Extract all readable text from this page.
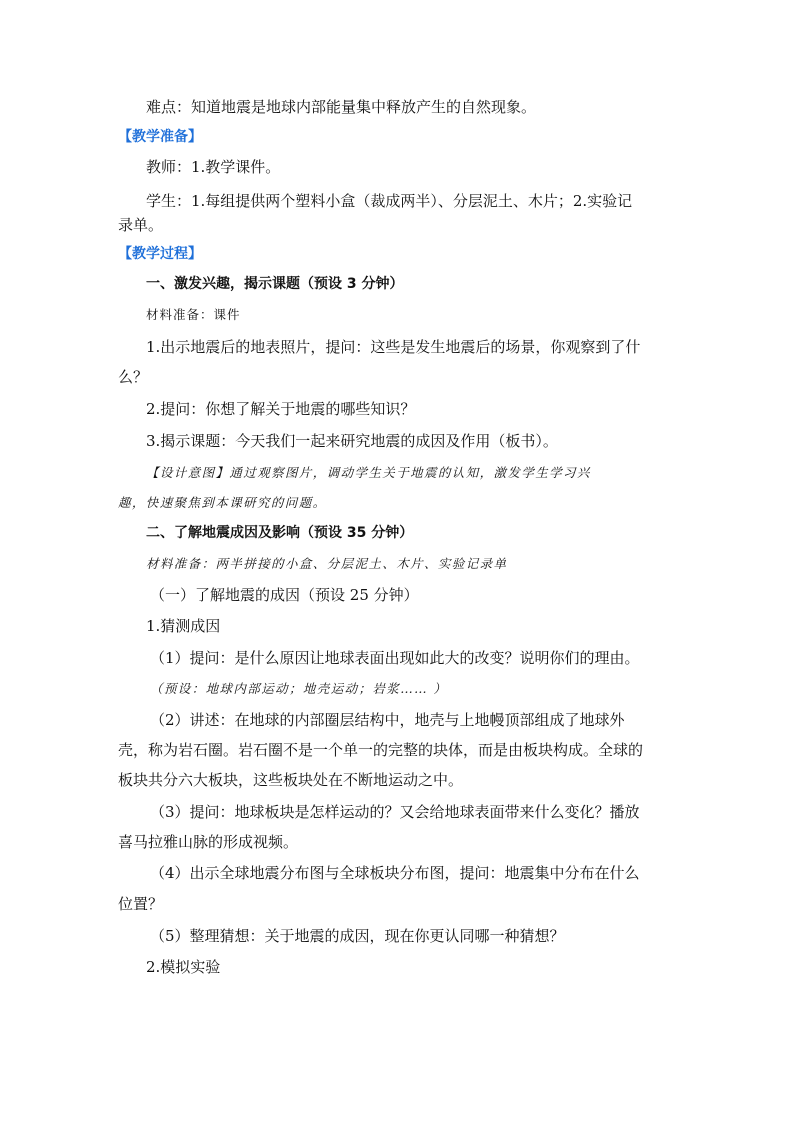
难点：知道地震是地球内部能量集中释放产生的自然现象。
【教学准备】
教师：1.教学课件。
学生：1.每组提供两个塑料小盒（裁成两半）、分层泥土、木片；2.实验记
录单。
【教学过程】
一、激发兴趣，揭示课题（预设 3 分钟）
材料准备：课件
1.出示地震后的地表照片，提问：这些是发生地震后的场景，你观察到了什
么？
2.提问：你想了解关于地震的哪些知识？
3.揭示课题：今天我们一起来研究地震的成因及作用（板书）。
【设计意图】通过观察图片，调动学生关于地震的认知，激发学生学习兴
趣，快速聚焦到本课研究的问题。
二、了解地震成因及影响（预设 35 分钟）
材料准备：两半拼接的小盒、分层泥土、木片、实验记录单
（一）了解地震的成因（预设 25 分钟）
1.猜测成因
（1）提问：是什么原因让地球表面出现如此大的改变？说明你们的理由。
（预设：地球内部运动；地壳运动；岩浆…… ）
（2）讲述：在地球的内部圈层结构中，地壳与上地幔顶部组成了地球外
壳，称为岩石圈。岩石圈不是一个单一的完整的块体，而是由板块构成。全球的
板块共分六大板块，这些板块处在不断地运动之中。
（3）提问：地球板块是怎样运动的？又会给地球表面带来什么变化？播放
喜马拉雅山脉的形成视频。
（4）出示全球地震分布图与全球板块分布图，提问：地震集中分布在什么
位置？
（5）整理猜想：关于地震的成因，现在你更认同哪一种猜想？
2.模拟实验
